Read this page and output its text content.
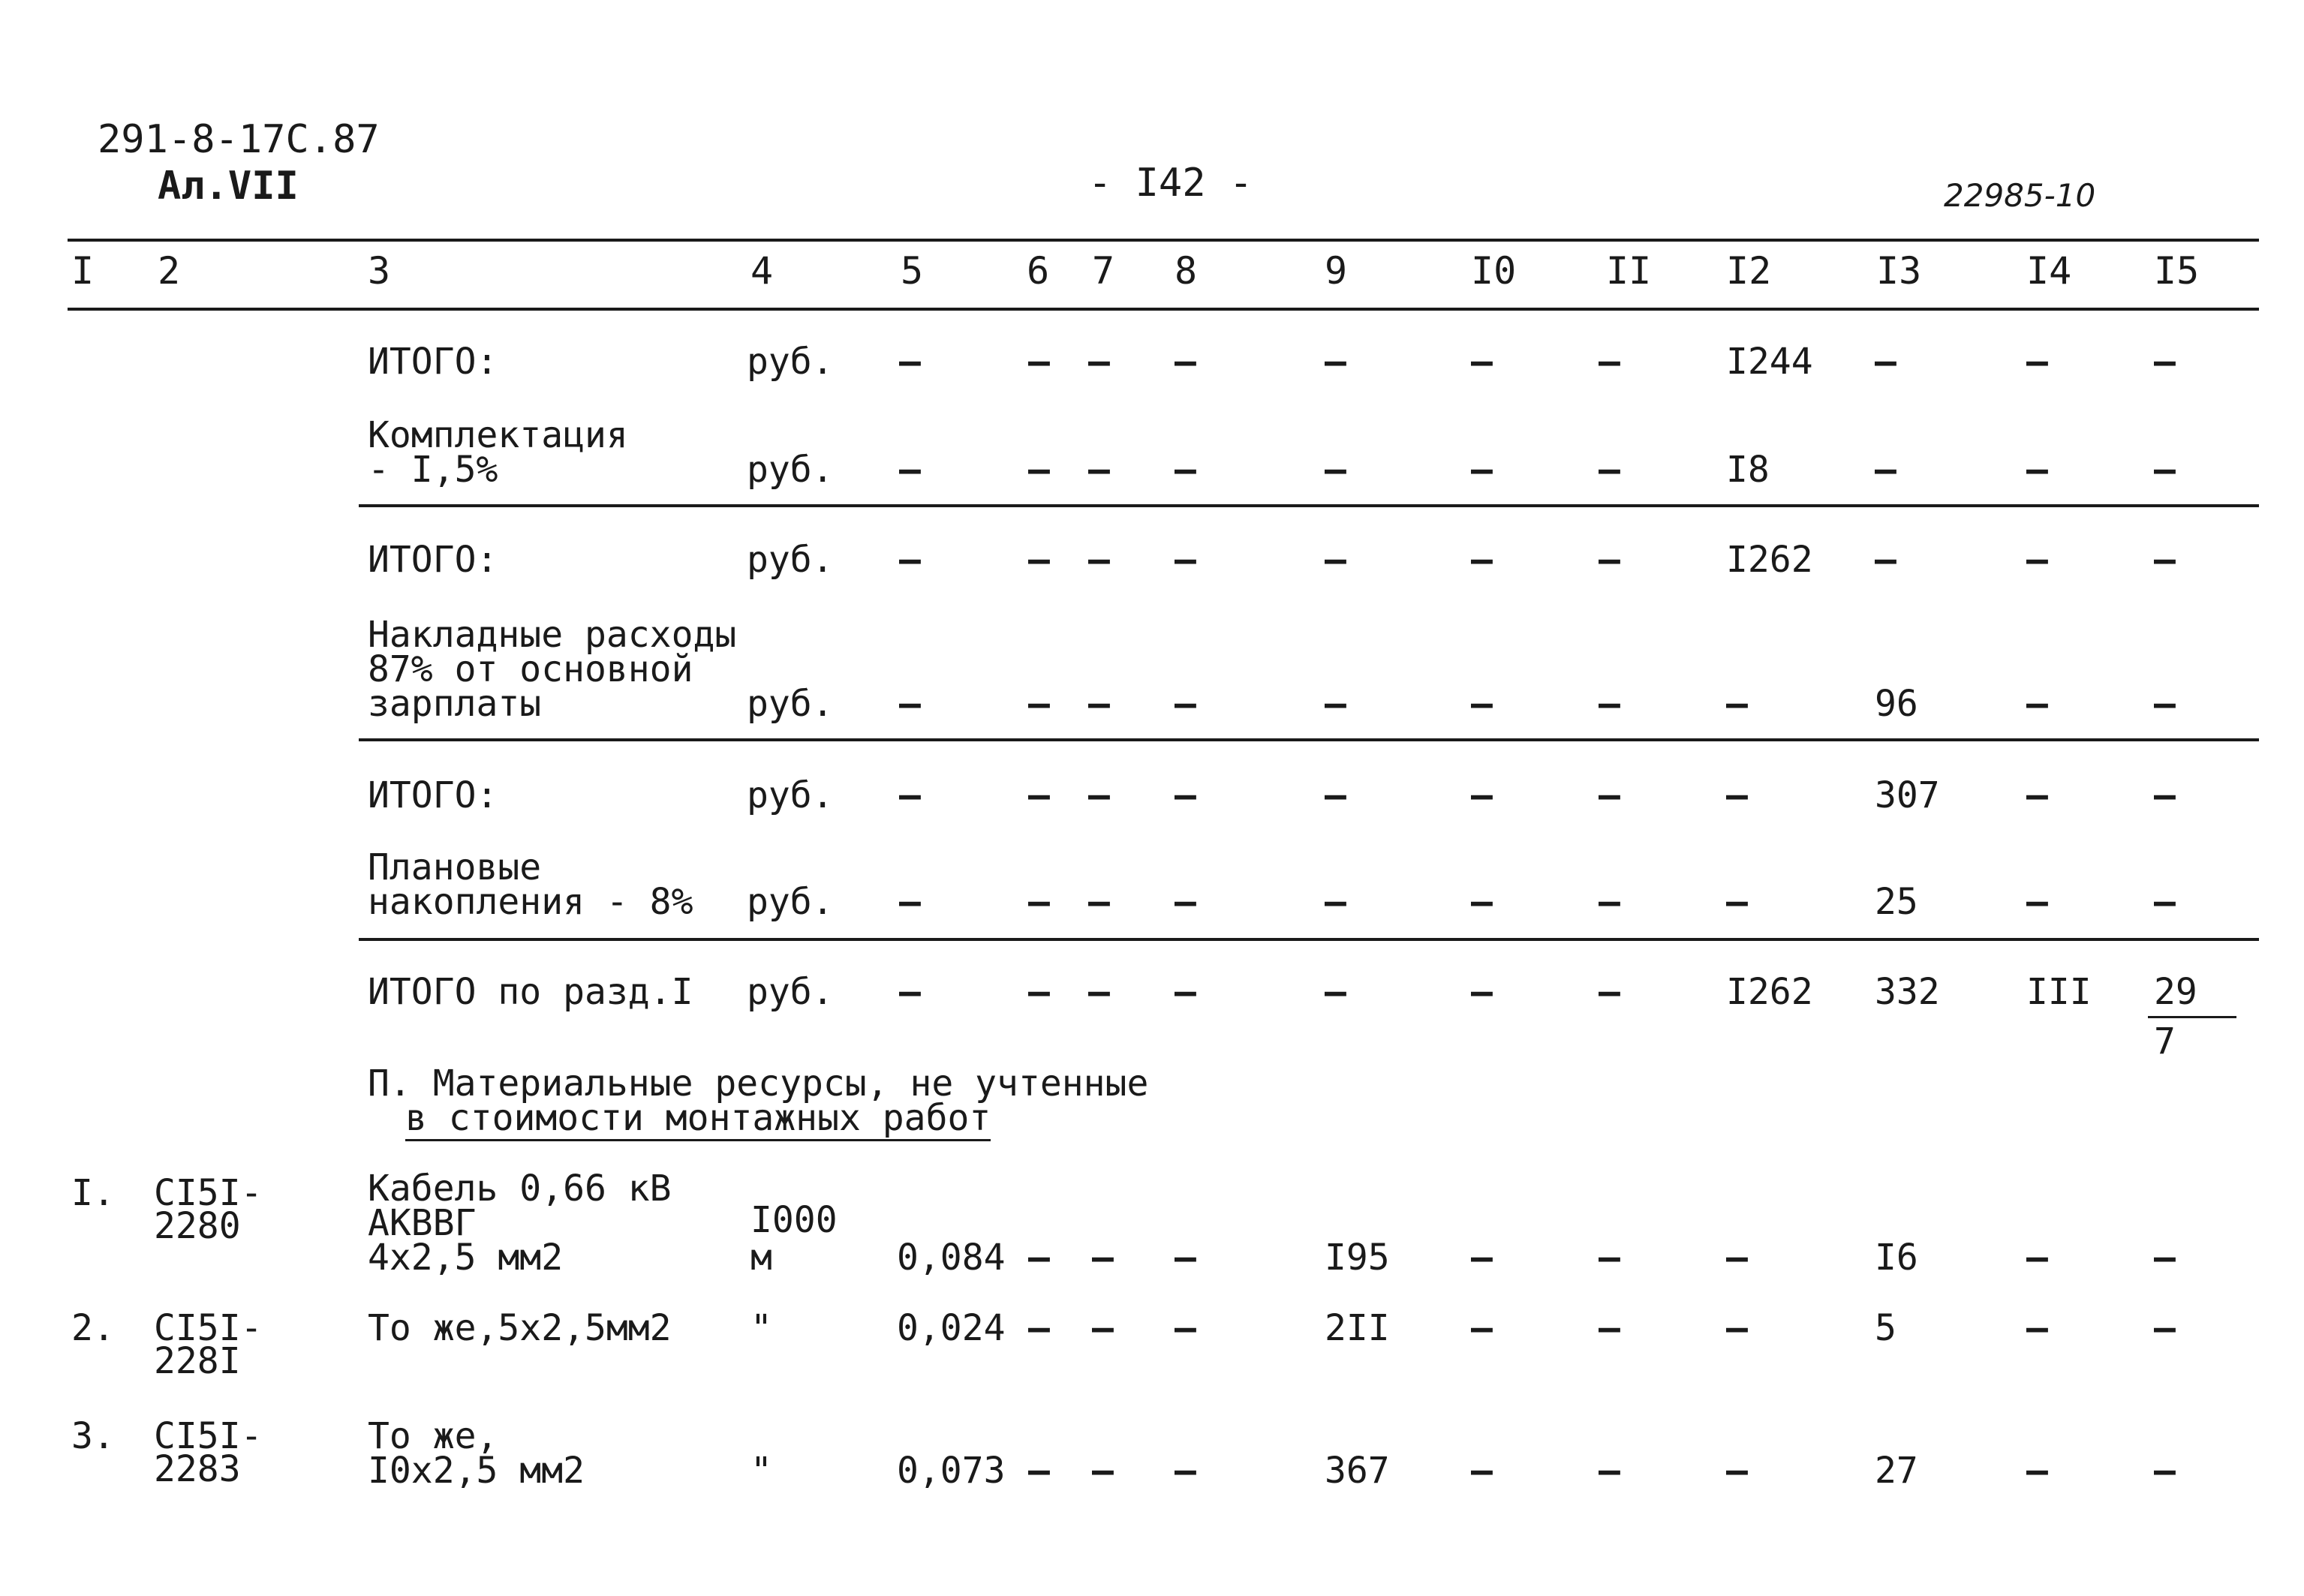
291-8-17С.87
Ал.VII	- I42 -	22985-10
I 2	3	4	5	6 7 8	9	I0 II I2	I3	I4 I5
ИТОГО:	руб. –	– – –	–	–	–	I244 –	–	–
Комплектация
- I,5%	руб. –	– – –	–	–	–	I8	–	–	–
ИТОГО:	руб. –	– – –	–	–	–	I262 –	–	–
Накладные расходы
87% от основной
зарплаты	руб. –	– – –	–	–	–	–	96	–	–
ИТОГО:	руб. –	– – –	–	–	–	–	307 –	–
Плановые
накопления - 8% руб. –	– – –	–	–	–	–	25	–	–
ИТОГО по разд.I руб. –	– – –	–	–	–	I262 332 III 29
7
П. Материальные ресурсы, не учтенные
в стоимости монтажных работ
I. СI5I-
2280
Кабель 0,66 кВ
АКВВГ
4х2,5 мм2
I000
м	0,084 – – –	I95 –	–	–	I6	–	–
2. СI5I-
228I
То же,5х2,5мм2 "	0,024 – – –	2II –	–	–	5	–	–
3. СI5I-
2283
То же,
I0х2,5 мм2	"	0,073 – – –	367 –	–	–	27	–	–
